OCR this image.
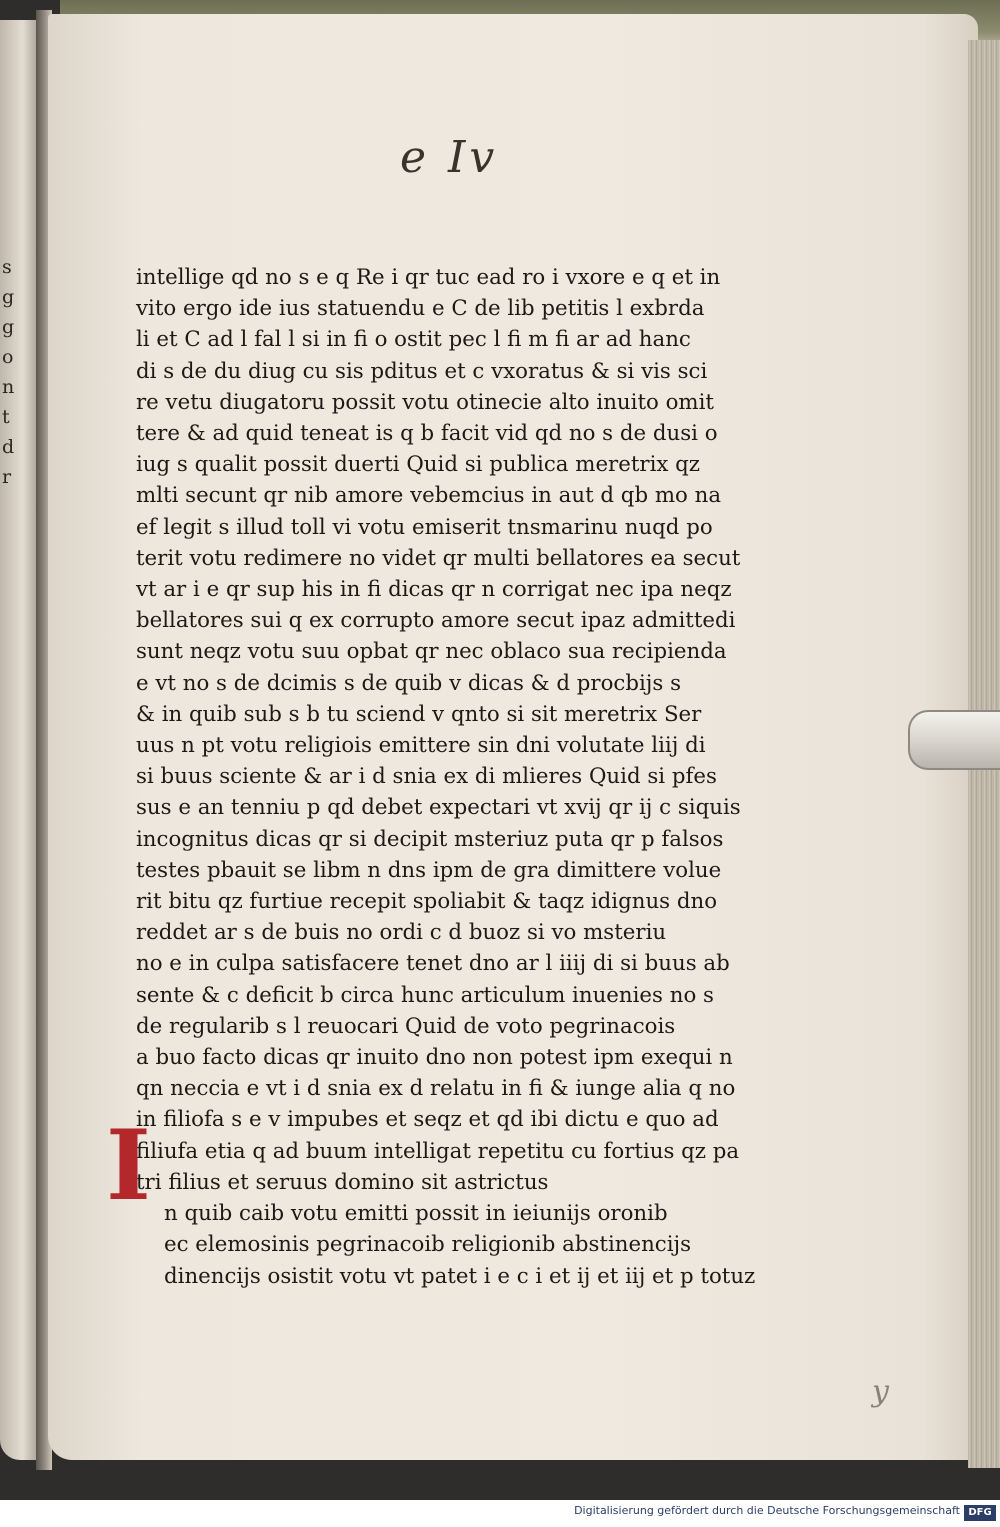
s
g
g
o
n
t
d
r
e Iv
intellige qd no s e q Re i qr tuc ead ro i vxore e q et in
vito ergo ide ius statuendu e C de lib petitis l exbrda
li et C ad l fal l si in fi o ostit pec l fi m fi ar ad hanc
di s de du diug cu sis pditus et c vxoratus & si vis sci
re vetu diugatoru possit votu otinecie alto inuito omit
tere & ad quid teneat is q b facit vid qd no s de dusi o
iug s qualit possit duerti Quid si publica meretrix qz
mlti secunt qr nib amore vebemcius in aut d qb mo na
ef legit s illud toll vi votu emiserit tnsmarinu nuqd po
terit votu redimere no videt qr multi bellatores ea secut
vt ar i e qr sup his in fi dicas qr n corrigat nec ipa neqz
bellatores sui q ex corrupto amore secut ipaz admittedi
sunt neqz votu suu opbat qr nec oblaco sua recipienda
e vt no s de dcimis s de quib v dicas & d procbijs s
& in quib sub s b tu sciend v qnto si sit meretrix Ser
uus n pt votu religiois emittere sin dni volutate liij di
si buus sciente & ar i d snia ex di mlieres Quid si pfes
sus e an tenniu p qd debet expectari vt xvij qr ij c siquis
incognitus dicas qr si decipit msteriuz puta qr p falsos
testes pbauit se libm n dns ipm de gra dimittere volue
rit bitu qz furtiue recepit spoliabit & taqz idignus dno
reddet ar s de buis no ordi c d buoz si vo msteriu
no e in culpa satisfacere tenet dno ar l iiij di si buus ab
sente & c deficit b circa hunc articulum inuenies no s
de regularib s l reuocari Quid de voto pegrinacois
a buo facto dicas qr inuito dno non potest ipm exequi n
qn neccia e vt i d snia ex d relatu in fi & iunge alia q no
in filiofa s e v impubes et seqz et qd ibi dictu e quo ad
filiufa etia q ad buum intelligat repetitu cu fortius qz pa
tri filius et seruus domino sit astrictus
n quib caib votu emitti possit in ieiunijs oronib
ec elemosinis pegrinacoib religionib abstinencijs
dinencijs osistit votu vt patet i e c i et ij et iij et p totuz
I
y
Digitalisierung gefördert durch die Deutsche Forschungsgemeinschaft DFG
